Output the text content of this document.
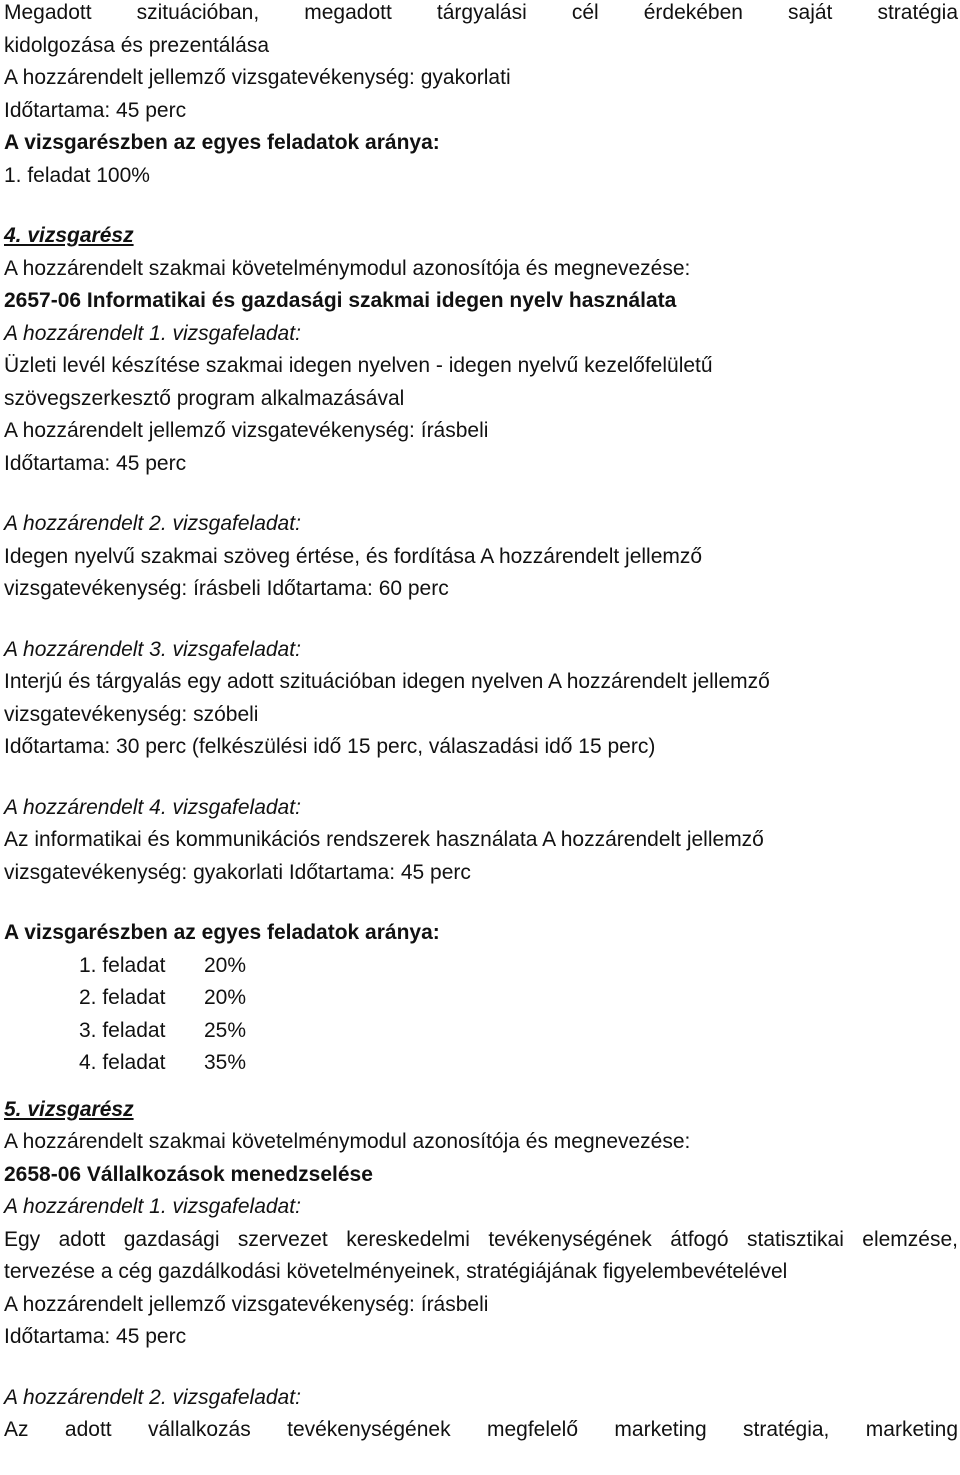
Megadott szituációban, megadott tárgyalási cél érdekében saját stratégia
kidolgozása és prezentálása
A hozzárendelt jellemző vizsgatevékenység: gyakorlati
Időtartama: 45 perc
A vizsgarészben az egyes feladatok aránya:
1. feladat 100%
4. vizsgarész
A hozzárendelt szakmai követelménymodul azonosítója és megnevezése:
2657-06 Informatikai és gazdasági szakmai idegen nyelv használata
A hozzárendelt 1. vizsgafeladat:
Üzleti levél készítése szakmai idegen nyelven - idegen nyelvű kezelőfelületű
szövegszerkesztő program alkalmazásával
A hozzárendelt jellemző vizsgatevékenység: írásbeli
Időtartama: 45 perc
A hozzárendelt 2. vizsgafeladat:
Idegen nyelvű szakmai szöveg értése, és fordítása A hozzárendelt jellemző
vizsgatevékenység: írásbeli Időtartama: 60 perc
A hozzárendelt 3. vizsgafeladat:
Interjú és tárgyalás egy adott szituációban idegen nyelven A hozzárendelt jellemző
vizsgatevékenység: szóbeli
Időtartama: 30 perc (felkészülési idő 15 perc, válaszadási idő 15 perc)
A hozzárendelt 4. vizsgafeladat:
Az informatikai és kommunikációs rendszerek használata A hozzárendelt jellemző
vizsgatevékenység: gyakorlati Időtartama: 45 perc
A vizsgarészben az egyes feladatok aránya:
1. feladat 20%
2. feladat 20%
3. feladat 25%
4. feladat 35%
5. vizsgarész
A hozzárendelt szakmai követelménymodul azonosítója és megnevezése:
2658-06 Vállalkozások menedzselése
A hozzárendelt 1. vizsgafeladat:
Egy adott gazdasági szervezet kereskedelmi tevékenységének átfogó statisztikai elemzése,
tervezése a cég gazdálkodási követelményeinek, stratégiájának figyelembevételével
A hozzárendelt jellemző vizsgatevékenység: írásbeli
Időtartama: 45 perc
A hozzárendelt 2. vizsgafeladat:
Az adott vállalkozás tevékenységének megfelelő marketing stratégia, marketing
